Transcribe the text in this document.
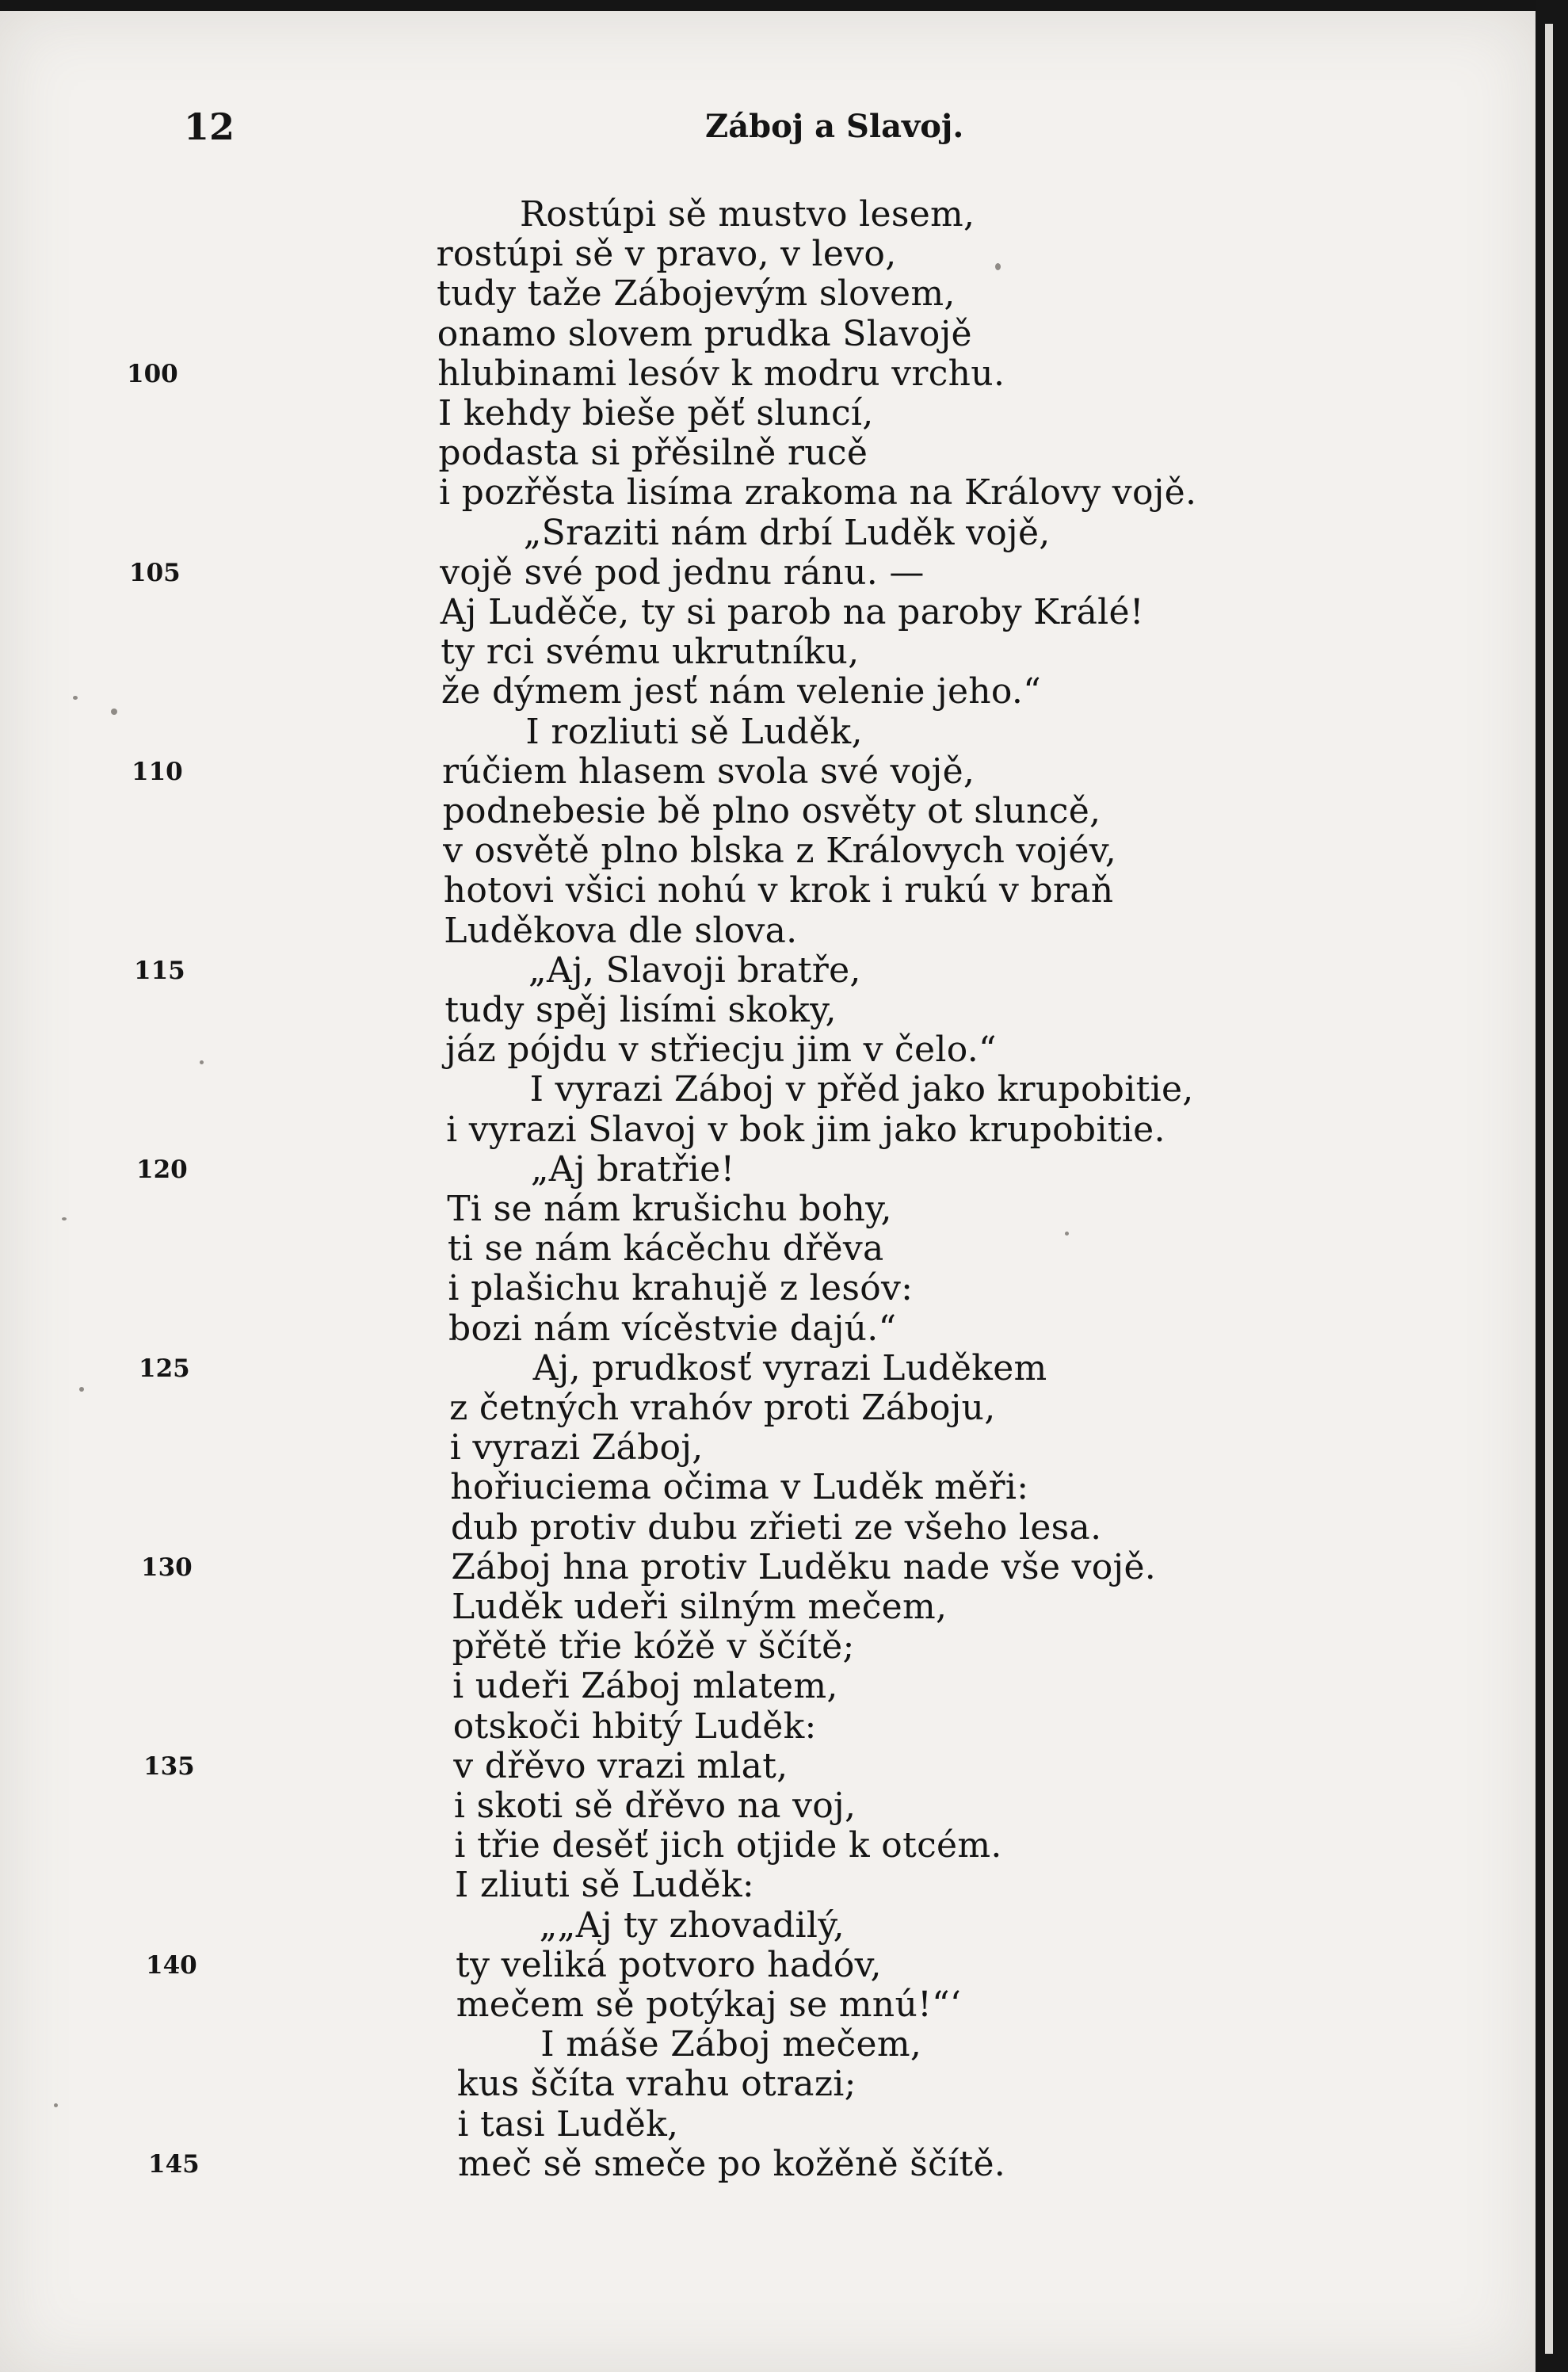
12	Záboj a Slavoj.
Rostúpi sě mustvo lesem,
rostúpi sě v pravo, v levo,
tudy taže Zábojevým slovem,
onamo slovem prudka Slavojě
hlubinami lesóv k modru vrchu.
I kehdy bieše pěť sluncí,
podasta si přěsilně rucě
i pozřěsta lisíma zrakoma na Královy vojě.
„Sraziti nám drbí Luděk vojě,
vojě své pod jednu ránu. —
Aj Luděče, ty si parob na paroby Králé!
ty rci svému ukrutníku,
že dýmem jesť nám velenie jeho.“
I rozliuti sě Luděk,
rúčiem hlasem svola své vojě,
podnebesie bě plno osvěty ot sluncě,
v osvětě plno blska z Královych vojév,
hotovi všici nohú v krok i rukú v braň
Luděkova dle slova.
„Aj, Slavoji bratře,
tudy spěj lisími skoky,
jáz pójdu v střiecju jim v čelo.“
I vyrazi Záboj v přěd jako krupobitie,
i vyrazi Slavoj v bok jim jako krupobitie.
„Aj bratřie!
Ti se nám krušichu bohy,
ti se nám kácěchu dřěva
i plašichu krahujě z lesóv:
bozi nám vícěstvie dajú.“
Aj, prudkosť vyrazi Luděkem
z četných vrahóv proti Záboju,
i vyrazi Záboj,
hořiuciema očima v Luděk měři:
dub protiv dubu zřieti ze všeho lesa.
Záboj hna protiv Luděku nade vše vojě.
Luděk udeři silným mečem,
přětě třie kóžě v ščítě;
i udeři Záboj mlatem,
otskoči hbitý Luděk:
v dřěvo vrazi mlat,
i skoti sě dřěvo na voj,
i třie desěť jich otjide k otcém.
I zliuti sě Luděk:
„„Aj ty zhovadilý,
ty veliká potvoro hadóv,
mečem sě potýkaj se mnú!“‘
I máše Záboj mečem,
kus ščíta vrahu otrazi;
i tasi Luděk,
meč sě smeče po kožěně ščítě.
100
105
110
115
120
125
130
135
140
145
